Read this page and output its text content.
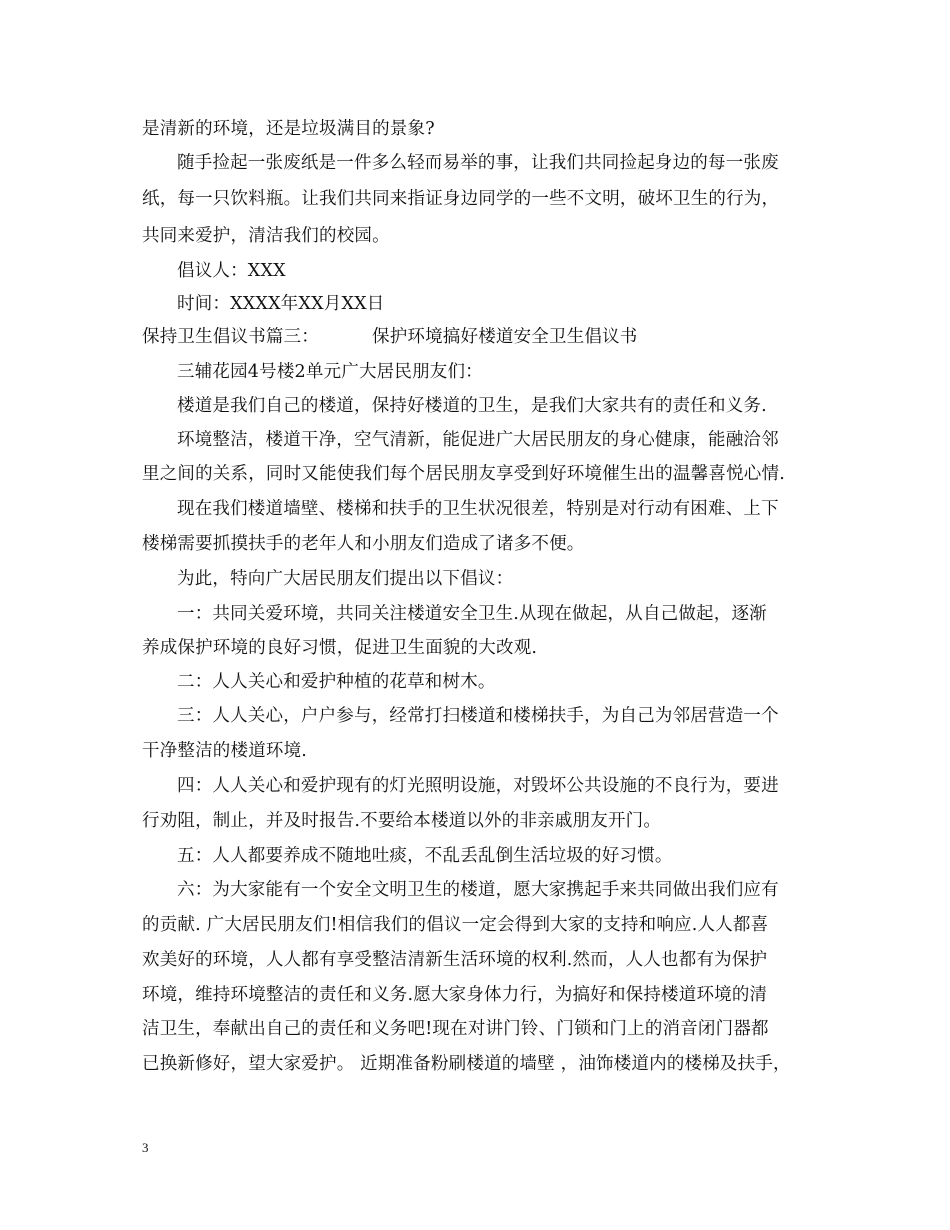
是清新的环境，还是垃圾满目的景象?
随手捡起一张废纸是一件多么轻而易举的事，让我们共同捡起身边的每一张废
纸，每一只饮料瓶。让我们共同来指证身边同学的一些不文明，破坏卫生的行为，
共同来爱护，清洁我们的校园。
倡议人：XXX
时间：XXXX年XX月XX日
保持卫生倡议书篇三：	保护环境搞好楼道安全卫生倡议书
三辅花园4号楼2单元广大居民朋友们：
楼道是我们自己的楼道，保持好楼道的卫生，是我们大家共有的责任和义务.
环境整洁，楼道干净，空气清新，能促进广大居民朋友的身心健康，能融洽邻
里之间的关系，同时又能使我们每个居民朋友享受到好环境催生出的温馨喜悦心情.
现在我们楼道墙壁、楼梯和扶手的卫生状况很差，特别是对行动有困难、上下
楼梯需要抓摸扶手的老年人和小朋友们造成了诸多不便。
为此，特向广大居民朋友们提出以下倡议：
一：共同关爱环境，共同关注楼道安全卫生.从现在做起，从自己做起，逐渐
养成保护环境的良好习惯，促进卫生面貌的大改观.
二：人人关心和爱护种植的花草和树木。
三：人人关心，户户参与，经常打扫楼道和楼梯扶手，为自己为邻居营造一个
干净整洁的楼道环境.
四：人人关心和爱护现有的灯光照明设施，对毁坏公共设施的不良行为，要进
行劝阻，制止，并及时报告.不要给本楼道以外的非亲戚朋友开门。
五：人人都要养成不随地吐痰，不乱丢乱倒生活垃圾的好习惯。
六：为大家能有一个安全文明卫生的楼道，愿大家携起手来共同做出我们应有
的贡献. 广大居民朋友们!相信我们的倡议一定会得到大家的支持和响应.人人都喜
欢美好的环境，人人都有享受整洁清新生活环境的权利.然而，人人也都有为保护
环境，维持环境整洁的责任和义务.愿大家身体力行，为搞好和保持楼道环境的清
洁卫生，奉献出自己的责任和义务吧!现在对讲门铃、门锁和门上的消音闭门器都
已换新修好，望大家爱护。 近期准备粉刷楼道的墙壁 ，油饰楼道内的楼梯及扶手，
3
